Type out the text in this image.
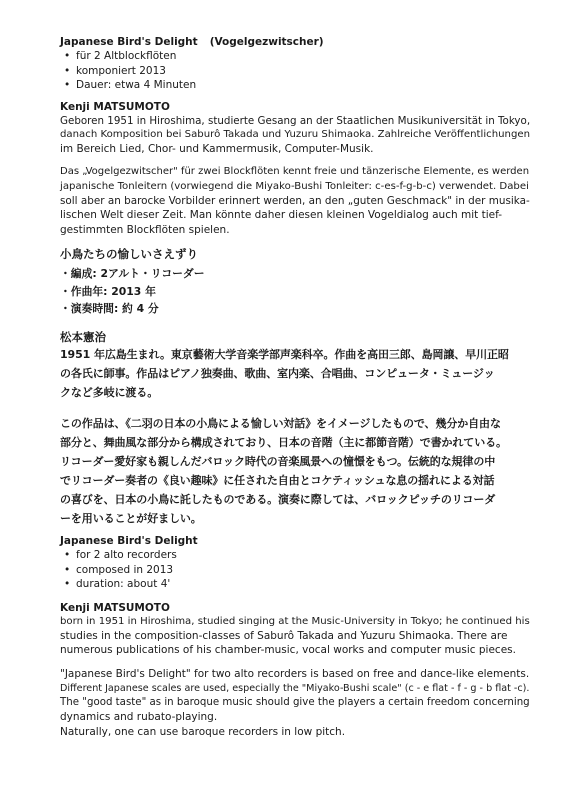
Japanese Bird's Delight (Vogelgezwitscher)
• für 2 Altblockflöten
• komponiert 2013
• Dauer: etwa 4 Minuten
Kenji MATSUMOTO

Geboren 1951 in Hiroshima, studierte Gesang an der Staatlichen Musikuniversität in Tokyo,
danach Komposition bei Saburô Takada und Yuzuru Shimaoka. Zahlreiche Veröffentlichungen
im Bereich Lied, Chor- und Kammermusik, Computer-Musik.

Das „Vogelgezwitscher" für zwei Blockflöten kennt freie und tänzerische Elemente, es werden
japanische Tonleitern (vorwiegend die Miyako-Bushi Tonleiter: c-es-f-g-b-c) verwendet. Dabei
soll aber an barocke Vorbilder erinnert werden, an den „guten Geschmack" in der musika-
lischen Welt dieser Zeit. Man könnte daher diesen kleinen Vogeldialog auch mit tief-
gestimmten Blockflöten spielen.

小鳥たちの愉しいさえずり
・編成: 2アルト・リコーダー
・作曲年: 2013 年
・演奏時間: 約 4 分
松本憲治

1951 年広島生まれ。東京藝術大学音楽学部声楽科卒。作曲を高田三郎、島岡譲、早川正昭
の各氏に師事。作品はピアノ独奏曲、歌曲、室内楽、合唱曲、コンピュータ・ミュージッ
クなど多岐に渡る。

この作品は、《二羽の日本の小鳥による愉しい対話》をイメージしたもので、幾分か自由な
部分と、舞曲風な部分から構成されており、日本の音階（主に都節音階）で書かれている。
リコーダー愛好家も親しんだバロック時代の音楽風景への憧憬をもつ。伝統的な規律の中
でリコーダー奏者の《良い趣味》に任された自由とコケティッシュな息の揺れによる対話
の喜びを、日本の小鳥に託したものである。演奏に際しては、バロックピッチのリコーダ
ーを用いることが好ましい。

Japanese Bird's Delight
• for 2 alto recorders
• composed in 2013
• duration: about 4'
Kenji MATSUMOTO

born in 1951 in Hiroshima, studied singing at the Music-University in Tokyo; he continued his
studies in the composition-classes of Saburô Takada and Yuzuru Shimaoka. There are
numerous publications of his chamber-music, vocal works and computer music pieces.

"Japanese Bird's Delight" for two alto recorders is based on free and dance-like elements.
Different Japanese scales are used, especially the "Miyako-Bushi scale" (c - e flat - f - g - b flat -c).
The "good taste" as in baroque music should give the players a certain freedom concerning
dynamics and rubato-playing.
Naturally, one can use baroque recorders in low pitch.
